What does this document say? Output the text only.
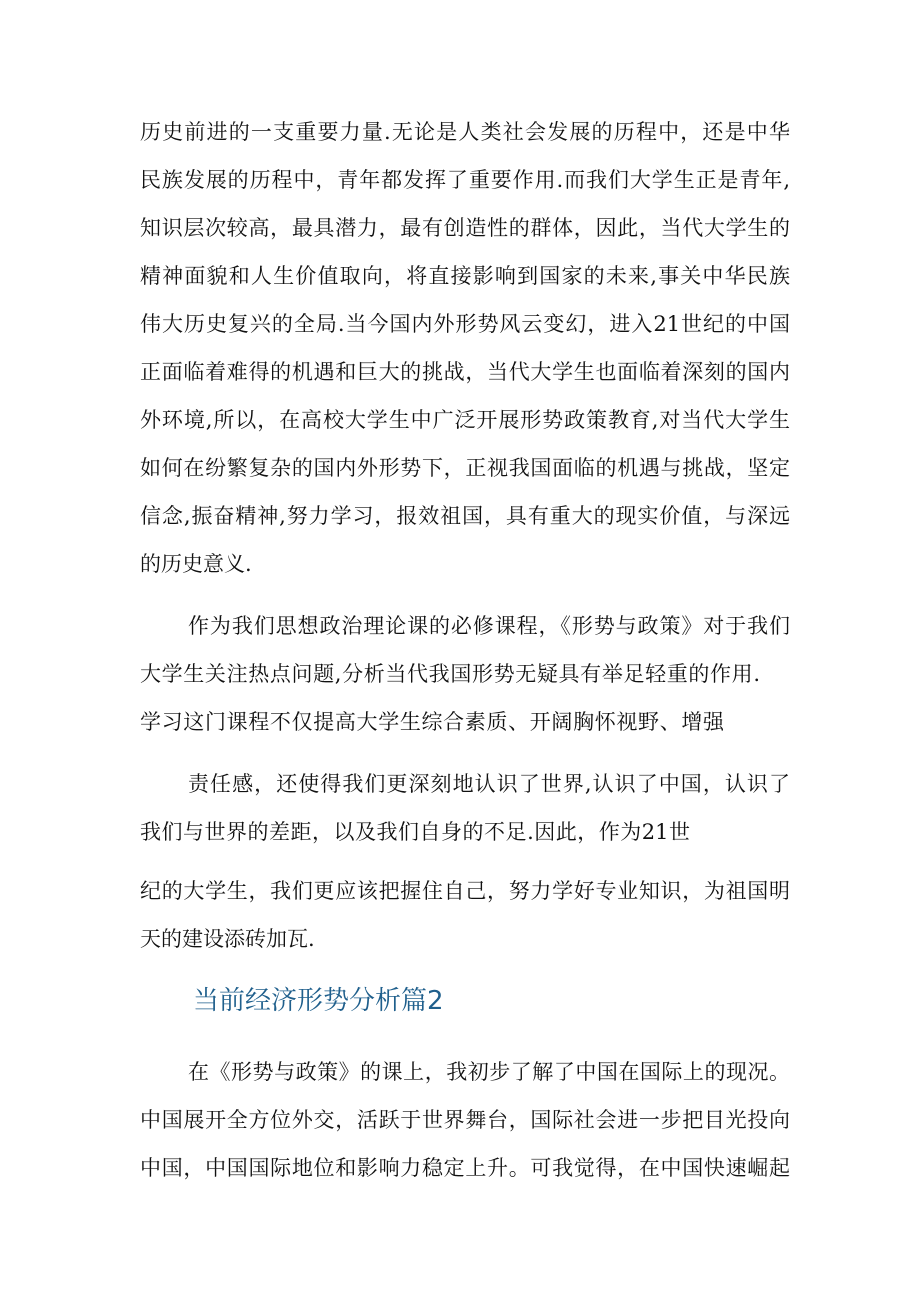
历史前进的一支重要力量.无论是人类社会发展的历程中，还是中华
民族发展的历程中，青年都发挥了重要作用.而我们大学生正是青年,
知识层次较高，最具潜力，最有创造性的群体，因此，当代大学生的
精神面貌和人生价值取向，将直接影响到国家的未来,事关中华民族
伟大历史复兴的全局.当今国内外形势风云变幻，进入21世纪的中国
正面临着难得的机遇和巨大的挑战，当代大学生也面临着深刻的国内
外环境,所以，在高校大学生中广泛开展形势政策教育,对当代大学生
如何在纷繁复杂的国内外形势下，正视我国面临的机遇与挑战，坚定
信念,振奋精神,努力学习，报效祖国，具有重大的现实价值，与深远
的历史意义.
作为我们思想政治理论课的必修课程，《形势与政策》对于我们
大学生关注热点问题,分析当代我国形势无疑具有举足轻重的作用.
学习这门课程不仅提高大学生综合素质、开阔胸怀视野、增强
责任感，还使得我们更深刻地认识了世界,认识了中国，认识了
我们与世界的差距，以及我们自身的不足.因此，作为21世
纪的大学生，我们更应该把握住自己，努力学好专业知识，为祖国明
天的建设添砖加瓦.
当前经济形势分析篇2
在《形势与政策》的课上，我初步了解了中国在国际上的现况。
中国展开全方位外交，活跃于世界舞台，国际社会进一步把目光投向
中国，中国国际地位和影响力稳定上升。可我觉得，在中国快速崛起
